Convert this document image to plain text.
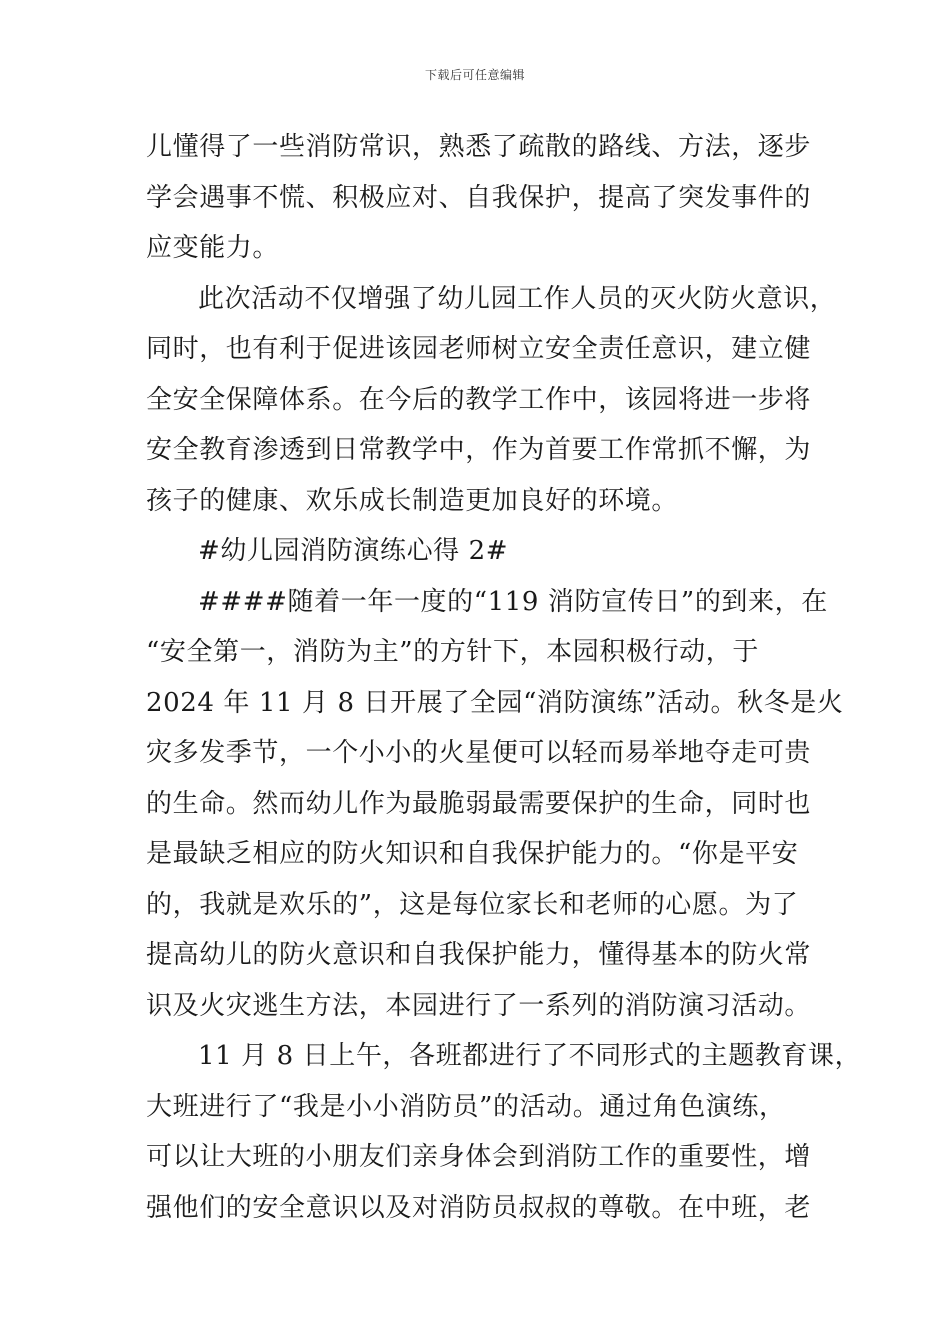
下载后可任意编辑
儿懂得了一些消防常识，熟悉了疏散的路线、方法，逐步
学会遇事不慌、积极应对、自我保护，提高了突发事件的
应变能力。
此次活动不仅增强了幼儿园工作人员的灭火防火意识，
同时，也有利于促进该园老师树立安全责任意识，建立健
全安全保障体系。在今后的教学工作中，该园将进一步将
安全教育渗透到日常教学中，作为首要工作常抓不懈，为
孩子的健康、欢乐成长制造更加良好的环境。
#幼儿园消防演练心得 2#
####随着一年一度的“119 消防宣传日”的到来，在
“安全第一，消防为主”的方针下，本园积极行动，于
2024 年 11 月 8 日开展了全园“消防演练”活动。秋冬是火
灾多发季节，一个小小的火星便可以轻而易举地夺走可贵
的生命。然而幼儿作为最脆弱最需要保护的生命，同时也
是最缺乏相应的防火知识和自我保护能力的。“你是平安
的，我就是欢乐的”，这是每位家长和老师的心愿。为了
提高幼儿的防火意识和自我保护能力，懂得基本的防火常
识及火灾逃生方法，本园进行了一系列的消防演习活动。
11 月 8 日上午，各班都进行了不同形式的主题教育课，
大班进行了“我是小小消防员”的活动。通过角色演练，
可以让大班的小朋友们亲身体会到消防工作的重要性，增
强他们的安全意识以及对消防员叔叔的尊敬。在中班，老
